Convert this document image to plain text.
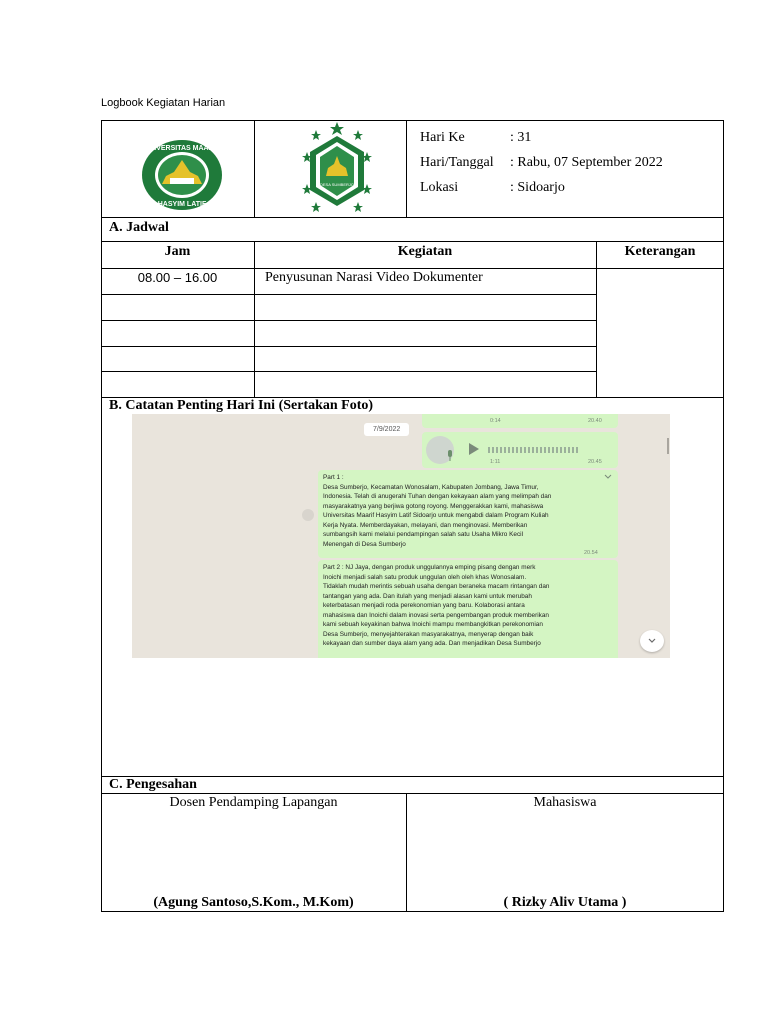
Logbook Kegiatan Harian
UNIVERSITAS MAARIF
HASYIM LATIF
DESA SUMBERJO
Hari Ke	: 31
Hari/Tanggal : Rabu, 07 September 2022
Lokasi	: Sidoarjo
A. Jadwal
Jam	Kegiatan	Keterangan
08.00 – 16.00	Penyusunan Narasi Video Dokumenter
B. Catatan Penting Hari Ini (Sertakan Foto)
7/9/2022
0:14	20.40
1:11	20.45

Part 1 :

Desa Sumberjo, Kecamatan Wonosalam, Kabupaten Jombang, Jawa Timur,

Indonesia. Telah di anugerahi Tuhan dengan kekayaan alam yang melimpah dan

masyarakatnya yang berjiwa gotong royong. Menggerakkan kami, mahasiswa

Universitas Maarif Hasyim Latif Sidoarjo untuk mengabdi dalam Program Kuliah

Kerja Nyata. Memberdayakan, melayani, dan menginovasi. Memberikan

sumbangsih kami melalui pendampingan salah satu Usaha Mikro Kecil

Menengah di Desa Sumberjo

20.54

Part 2 : NJ Jaya, dengan produk unggulannya emping pisang dengan merk

Inoichi menjadi salah satu produk unggulan oleh oleh khas Wonosalam.

Tidaklah mudah merintis sebuah usaha dengan beraneka macam rintangan dan

tantangan yang ada. Dan itulah yang menjadi alasan kami untuk merubah

keterbatasan menjadi roda perekonomian yang baru. Kolaborasi antara

mahasiswa dan Inoichi dalam inovasi serta pengembangan produk memberikan

kami sebuah keyakinan bahwa Inoichi mampu membangkitkan perekonomian

Desa Sumberjo, menyejahterakan masyarakatnya, menyerap dengan baik

kekayaan dan sumber daya alam yang ada. Dan menjadikan Desa Sumberjo

C. Pengesahan
Dosen Pendamping Lapangan	Mahasiswa
(Agung Santoso,S.Kom., M.Kom)	( Rizky Aliv Utama )
